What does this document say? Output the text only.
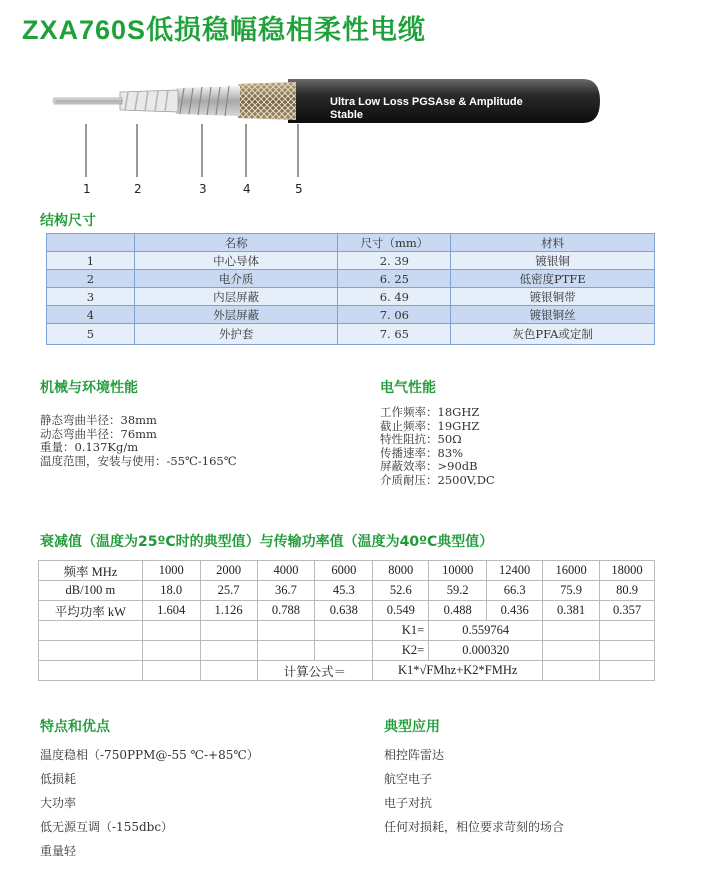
ZXA760S低损稳幅稳相柔性电缆
Ultra Low Loss PGSAse & Amplitude
Stable
1	2	3	4	5
结构尺寸
	名称	尺寸（mm）	材料
1	中心导体	2. 39	镀银铜
2	电介质	6. 25	低密度PTFE
3	内层屏蔽	6. 49	镀银铜带
4	外层屏蔽	7. 06	镀银铜丝
5	外护套	7. 65	灰色PFA或定制
机械与环境性能
静态弯曲半径：38mm
动态弯曲半径：76mm
重量：0.137Kg/m
温度范围，安装与使用：-55℃-165℃
电气性能
工作频率：18GHZ
截止频率：19GHZ
特性阻抗：50Ω
传播速率：83%
屏蔽效率：>90dB
介质耐压：2500V,DC
衰减值（温度为25ºC时的典型值）与传输功率值（温度为40ºC典型值）
频率 MHz	1000	2000	4000	6000	8000	10000	12400	16000	18000
dB/100 m	18.0	25.7	36.7	45.3	52.6	59.2	66.3	75.9	80.9
平均功率 kW	1.604	1.126	0.788	0.638	0.549	0.488	0.436	0.381	0.357
					K1=	0.559764			
					K2=	0.000320			
			计算公式＝		K1*√FMhz+K2*FMHz				
特点和优点
温度稳相（-750PPM@-55 ℃-+85℃）
低损耗
大功率
低无源互调（-155dbc）
重量轻
典型应用
相控阵雷达
航空电子
电子对抗
任何对损耗，相位要求苛刻的场合
